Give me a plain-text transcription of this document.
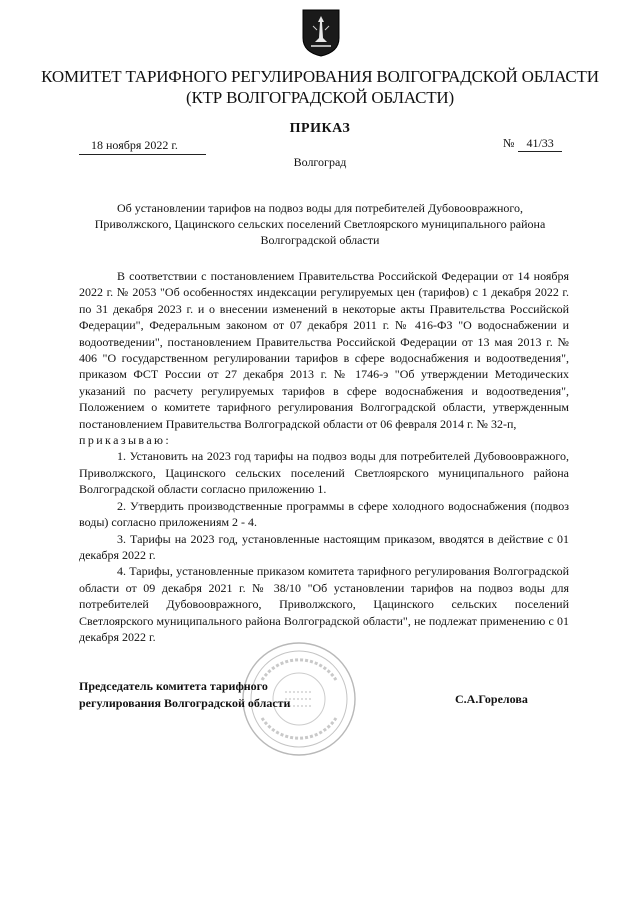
КОМИТЕТ ТАРИФНОГО РЕГУЛИРОВАНИЯ ВОЛГОГРАДСКОЙ ОБЛАСТИ
(КТР ВОЛГОГРАДСКОЙ ОБЛАСТИ)
ПРИКАЗ
18 ноября 2022 г.	№	41/33
Волгоград
Об установлении тарифов на подвоз воды для потребителей Дубовооврaжного, Приволжского, Цацинского сельских поселений Светлоярского муниципального района Волгоградской области

В соответствии с постановлением Правительства Российской Федерации от 14 ноября 2022 г. № 2053 "Об особенностях индексации регулируемых цен (тарифов) с 1 декабря 2022 г. по 31 декабря 2023 г. и о внесении изменений в некоторые акты Правительства Российской Федерации", Федеральным законом от 07 декабря 2011 г. № 416-ФЗ "О водоснабжении и водоотведении", постановлением Правительства Российской Федерации от 13 мая 2013 г. № 406 "О государственном регулировании тарифов в сфере водоснабжения и водоотведения", приказом ФСТ России от 27 декабря 2013 г. № 1746-э "Об утверждении Методических указаний по расчету регулируемых тарифов в сфере водоснабжения и водоотведения", Положением о комитете тарифного регулирования Волгоградской области, утвержденным постановлением Правительства Волгоградской области от 06 февраля 2014 г. № 32-п,

приказываю:

1. Установить на 2023 год тарифы на подвоз воды для потребителей Дубовооврaжного, Приволжского, Цацинского сельских поселений Светлоярского муниципального района Волгоградской области согласно приложению 1.

2. Утвердить производственные программы в сфере холодного водоснабжения (подвоз воды) согласно приложениям 2 - 4.

3. Тарифы на 2023 год, установленные настоящим приказом, вводятся в действие с 01 декабря 2022 г.

4. Тарифы, установленные приказом комитета тарифного регулирования Волгоградской области от 09 декабря 2021 г. № 38/10 "Об установлении тарифов на подвоз воды для потребителей Дубовооврaжного, Приволжского, Цацинского сельских поселений Светлоярского муниципального района Волгоградской области", не подлежат применению с 01 декабря 2022 г.

Председатель комитета тарифного
регулирования Волгоградской области	С.А.Горелова
